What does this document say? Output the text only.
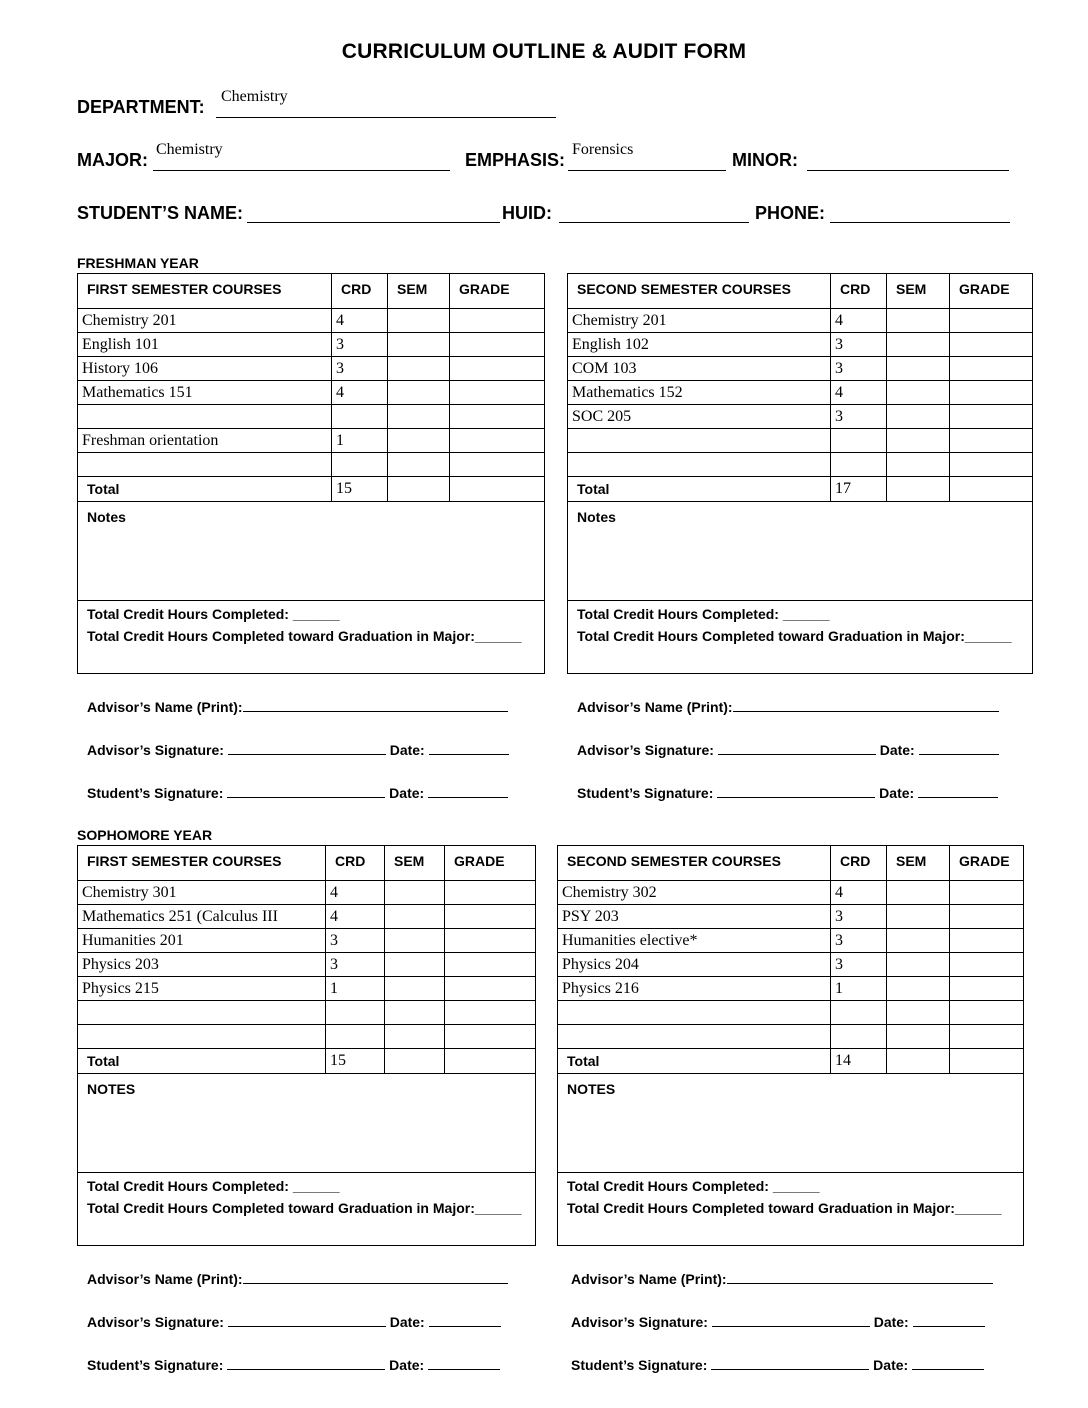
CURRICULUM OUTLINE & AUDIT FORM
DEPARTMENT:
Chemistry
MAJOR:
Chemistry
EMPHASIS:
Forensics
MINOR:
STUDENT’S NAME:	HUID:	PHONE:
FRESHMAN YEAR
FIRST SEMESTER COURSES	CRD	SEM	GRADE
Chemistry 201	4		
English 101	3		
History 106	3		
Mathematics 151	4		

Freshman orientation	1		

Total	15		
Notes			

Total Credit Hours Completed: ______
Total Credit Hours Completed toward Graduation in Major:______			
SECOND SEMESTER COURSES	CRD	SEM	GRADE
Chemistry 201	4		
English 102	3		
COM 103	3		
Mathematics 152	4		
SOC 205	3		

Total	17		
Notes			

Total Credit Hours Completed: ______
Total Credit Hours Completed toward Graduation in Major:______			
Advisor’s Name (Print):
Advisor’s Signature:	Date:
Student’s Signature:	Date:
Advisor’s Name (Print):
Advisor’s Signature:	Date:
Student’s Signature:	Date:
SOPHOMORE YEAR
FIRST SEMESTER COURSES	CRD	SEM	GRADE
Chemistry 301	4		
Mathematics 251 (Calculus III	4		
Humanities 201	3		
Physics 203	3		
Physics 215	1		

Total	15		
NOTES			

Total Credit Hours Completed: ______
Total Credit Hours Completed toward Graduation in Major:______			
SECOND SEMESTER COURSES	CRD	SEM	GRADE
Chemistry 302	4		
PSY 203	3		
Humanities elective*	3		
Physics 204	3		
Physics 216	1		

Total	14		
NOTES			

Total Credit Hours Completed: ______
Total Credit Hours Completed toward Graduation in Major:______			
Advisor’s Name (Print):
Advisor’s Signature:	Date:
Student’s Signature:	Date:
Advisor’s Name (Print):
Advisor’s Signature:	Date:
Student’s Signature:	Date:
